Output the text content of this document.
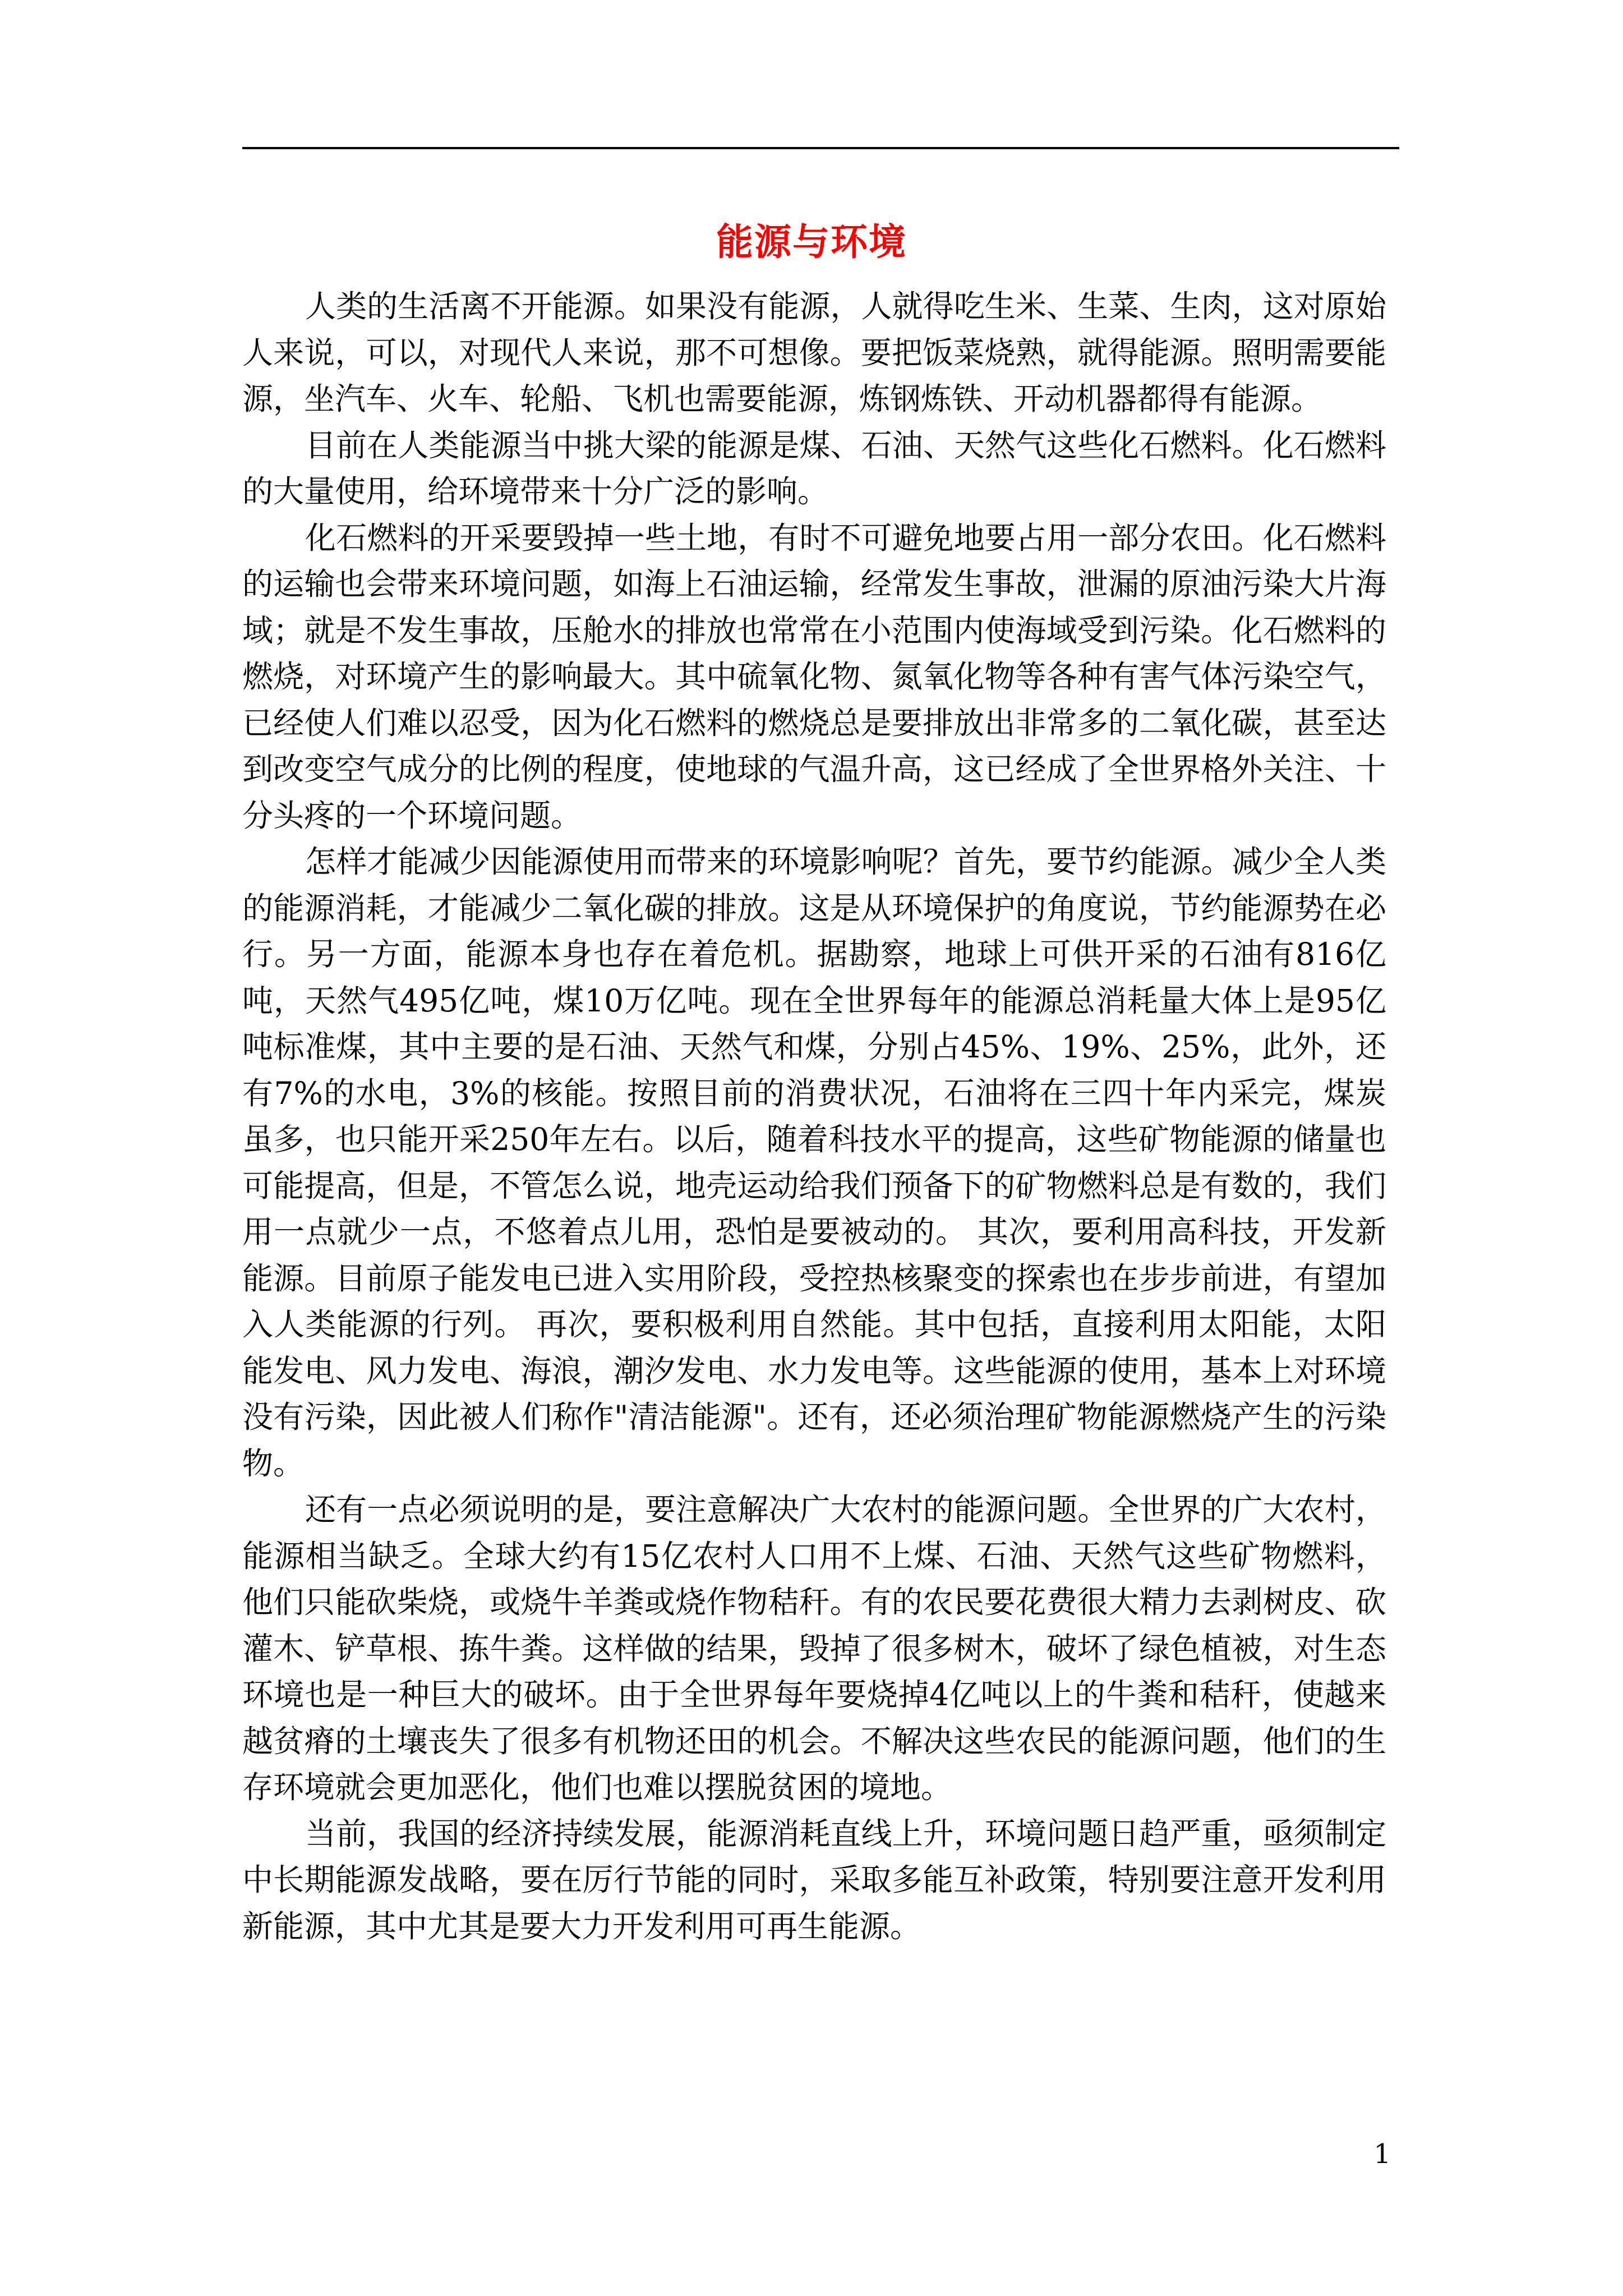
能源与环境

人类的生活离不开能源。如果没有能源，人就得吃生米、生菜、生肉，这对原始人来说，可以，对现代人来说，那不可想像。要把饭菜烧熟，就得能源。照明需要能源，坐汽车、火车、轮船、飞机也需要能源，炼钢炼铁、开动机器都得有能源。

目前在人类能源当中挑大梁的能源是煤、石油、天然气这些化石燃料。化石燃料的大量使用，给环境带来十分广泛的影响。

化石燃料的开采要毁掉一些土地，有时不可避免地要占用一部分农田。化石燃料的运输也会带来环境问题，如海上石油运输，经常发生事故，泄漏的原油污染大片海域；就是不发生事故，压舱水的排放也常常在小范围内使海域受到污染。化石燃料的燃烧，对环境产生的影响最大。其中硫氧化物、氮氧化物等各种有害气体污染空气，已经使人们难以忍受，因为化石燃料的燃烧总是要排放出非常多的二氧化碳，甚至达到改变空气成分的比例的程度，使地球的气温升高，这已经成了全世界格外关注、十分头疼的一个环境问题。

怎样才能减少因能源使用而带来的环境影响呢？首先，要节约能源。减少全人类的能源消耗，才能减少二氧化碳的排放。这是从环境保护的角度说，节约能源势在必行。另一方面，能源本身也存在着危机。据勘察，地球上可供开采的石油有816亿吨，天然气495亿吨，煤10万亿吨。现在全世界每年的能源总消耗量大体上是95亿吨标准煤，其中主要的是石油、天然气和煤，分别占45%、19%、25%，此外，还有7%的水电，3%的核能。按照目前的消费状况，石油将在三四十年内采完，煤炭虽多，也只能开采250年左右。以后，随着科技水平的提高，这些矿物能源的储量也可能提高，但是，不管怎么说，地壳运动给我们预备下的矿物燃料总是有数的，我们用一点就少一点，不悠着点儿用，恐怕是要被动的。 其次，要利用高科技，开发新能源。目前原子能发电已进入实用阶段，受控热核聚变的探索也在步步前进，有望加入人类能源的行列。 再次，要积极利用自然能。其中包括，直接利用太阳能，太阳能发电、风力发电、海浪，潮汐发电、水力发电等。这些能源的使用，基本上对环境没有污染，因此被人们称作"清洁能源"。还有，还必须治理矿物能源燃烧产生的污染物。

还有一点必须说明的是，要注意解决广大农村的能源问题。全世界的广大农村，能源相当缺乏。全球大约有15亿农村人口用不上煤、石油、天然气这些矿物燃料，他们只能砍柴烧，或烧牛羊粪或烧作物秸秆。有的农民要花费很大精力去剥树皮、砍灌木、铲草根、拣牛粪。这样做的结果，毁掉了很多树木，破坏了绿色植被，对生态环境也是一种巨大的破坏。由于全世界每年要烧掉4亿吨以上的牛粪和秸秆，使越来越贫瘠的土壤丧失了很多有机物还田的机会。不解决这些农民的能源问题，他们的生存环境就会更加恶化，他们也难以摆脱贫困的境地。

当前，我国的经济持续发展，能源消耗直线上升，环境问题日趋严重，亟须制定中长期能源发战略，要在厉行节能的同时，采取多能互补政策，特别要注意开发利用新能源，其中尤其是要大力开发利用可再生能源。

1
